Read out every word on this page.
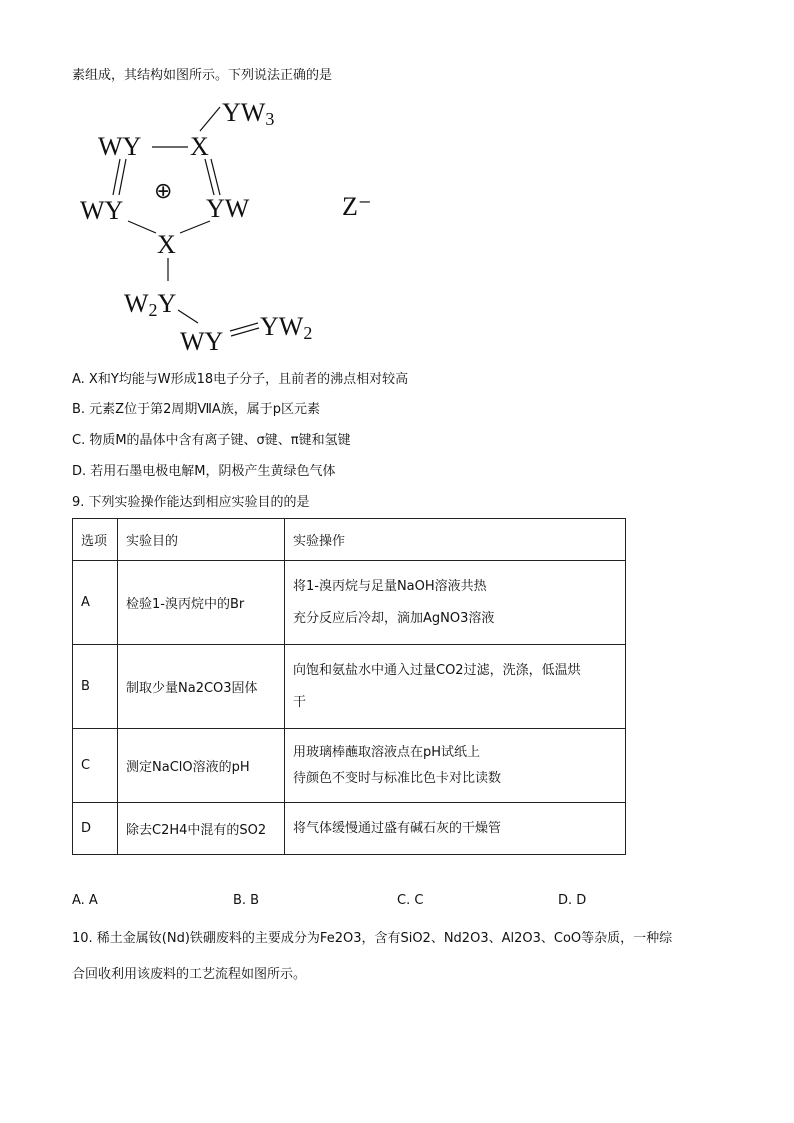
素组成，其结构如图所示。下列说法正确的是
YW3
WY X
⊕
WY	YW
X
W2Y
WY
YW2
Z⁻
A. X和Y均能与W形成18电子分子，且前者的沸点相对较高
B. 元素Z位于第2周期ⅦA族，属于p区元素
C. 物质M的晶体中含有离子键、σ键、π键和氢键
D. 若用石墨电极电解M，阴极产生黄绿色气体
9. 下列实验操作能达到相应实验目的的是
选项	实验目的	实验操作
A	检验1-溴丙烷中的Br	将1-溴丙烷与足量NaOH溶液共热
充分反应后冷却，滴加AgNO3溶液

B	制取少量Na2CO3固体	向饱和氨盐水中通入过量CO2过滤，洗涤，低温烘
干

C	测定NaClO溶液的pH	用玻璃棒蘸取溶液点在pH试纸上
待颜色不变时与标准比色卡对比读数

D	除去C2H4中混有的SO2	将气体缓慢通过盛有碱石灰的干燥管
A. A	B. B	C. C	D. D
10. 稀土金属钕(Nd)铁硼废料的主要成分为Fe2O3，含有SiO2、Nd2O3、Al2O3、CoO等杂质，一种综
合回收利用该废料的工艺流程如图所示。
